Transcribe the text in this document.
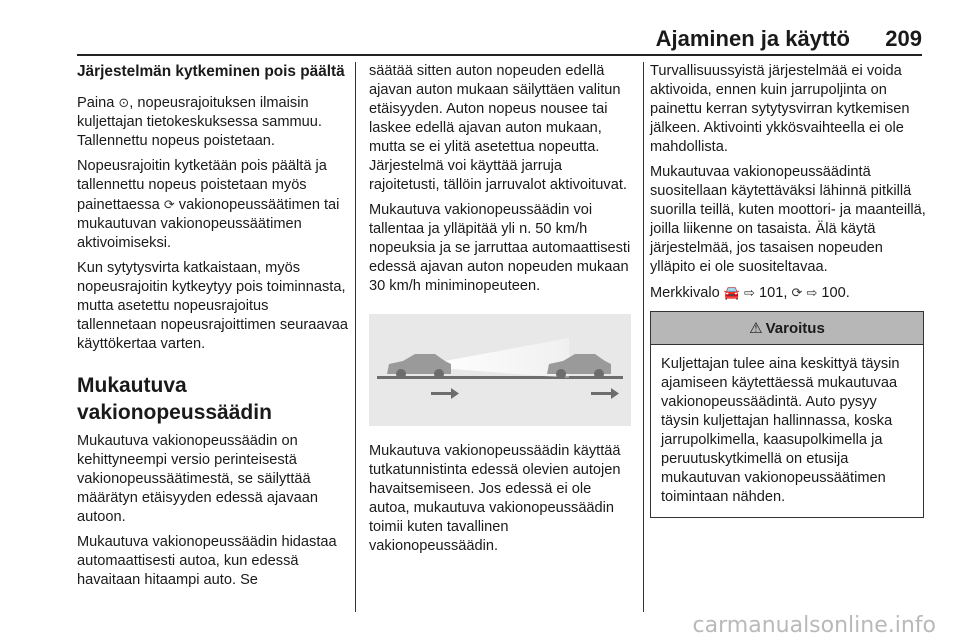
Ajaminen ja käyttö 209
Järjestelmän kytkeminen pois päältä

Paina ⊙, nopeusrajoituksen ilmaisin kuljettajan tietokeskuksessa sammuu. Tallennettu nopeus poistetaan.

Nopeusrajoitin kytketään pois päältä ja tallennettu nopeus poistetaan myös painettaessa ⟳ vakionopeussäätimen tai mukautuvan vakionopeussäätimen aktivoimiseksi.

Kun sytytysvirta katkaistaan, myös nopeusrajoitin kytkeytyy pois toiminnasta, mutta asetettu nopeusrajoitus tallennetaan nopeusrajoittimen seuraavaa käyttökertaa varten.

Mukautuva vakionopeussäädin

Mukautuva vakionopeussäädin on kehittyneempi versio perinteisestä vakionopeussäätimestä, se säilyttää määrätyn etäisyyden edessä ajavaan autoon.

Mukautuva vakionopeussäädin hidastaa automaattisesti autoa, kun edessä havaitaan hitaampi auto. Se

säätää sitten auton nopeuden edellä ajavan auton mukaan säilyttäen valitun etäisyyden. Auton nopeus nousee tai laskee edellä ajavan auton mukaan, mutta se ei ylitä asetettua nopeutta. Järjestelmä voi käyttää jarruja rajoitetusti, tällöin jarruvalot aktivoituvat.

Mukautuva vakionopeussäädin voi tallentaa ja ylläpitää yli n. 50 km/h nopeuksia ja se jarruttaa automaattisesti edessä ajavan auton nopeuden mukaan 30 km/h miniminopeuteen.

Mukautuva vakionopeussäädin käyttää tutkatunnistinta edessä olevien autojen havaitsemiseen. Jos edessä ei ole autoa, mukautuva vakionopeussäädin toimii kuten tavallinen vakionopeussäädin.

Turvallisuussyistä järjestelmää ei voida aktivoida, ennen kuin jarrupoljinta on painettu kerran sytytysvirran kytkemisen jälkeen. Aktivointi ykkösvaihteella ei ole mahdollista.

Mukautuvaa vakionopeussäädintä suositellaan käytettäväksi lähinnä pitkillä suorilla teillä, kuten moottori- ja maanteillä, joilla liikenne on tasaista. Älä käytä järjestelmää, jos tasaisen nopeuden ylläpito ei ole suositeltavaa.

Merkkivalo 🚘 ⇨ 101, ⟳ ⇨ 100.

⚠ Varoitus
Kuljettajan tulee aina keskittyä täysin ajamiseen käytettäessä mukautuvaa vakionopeussäädintä. Auto pysyy täysin kuljettajan hallinnassa, koska jarrupolkimella, kaasupolkimella ja peruutuskytkimellä on etusija mukautuvan vakionopeussäätimen toimintaan nähden.
carmanualsonline.info
